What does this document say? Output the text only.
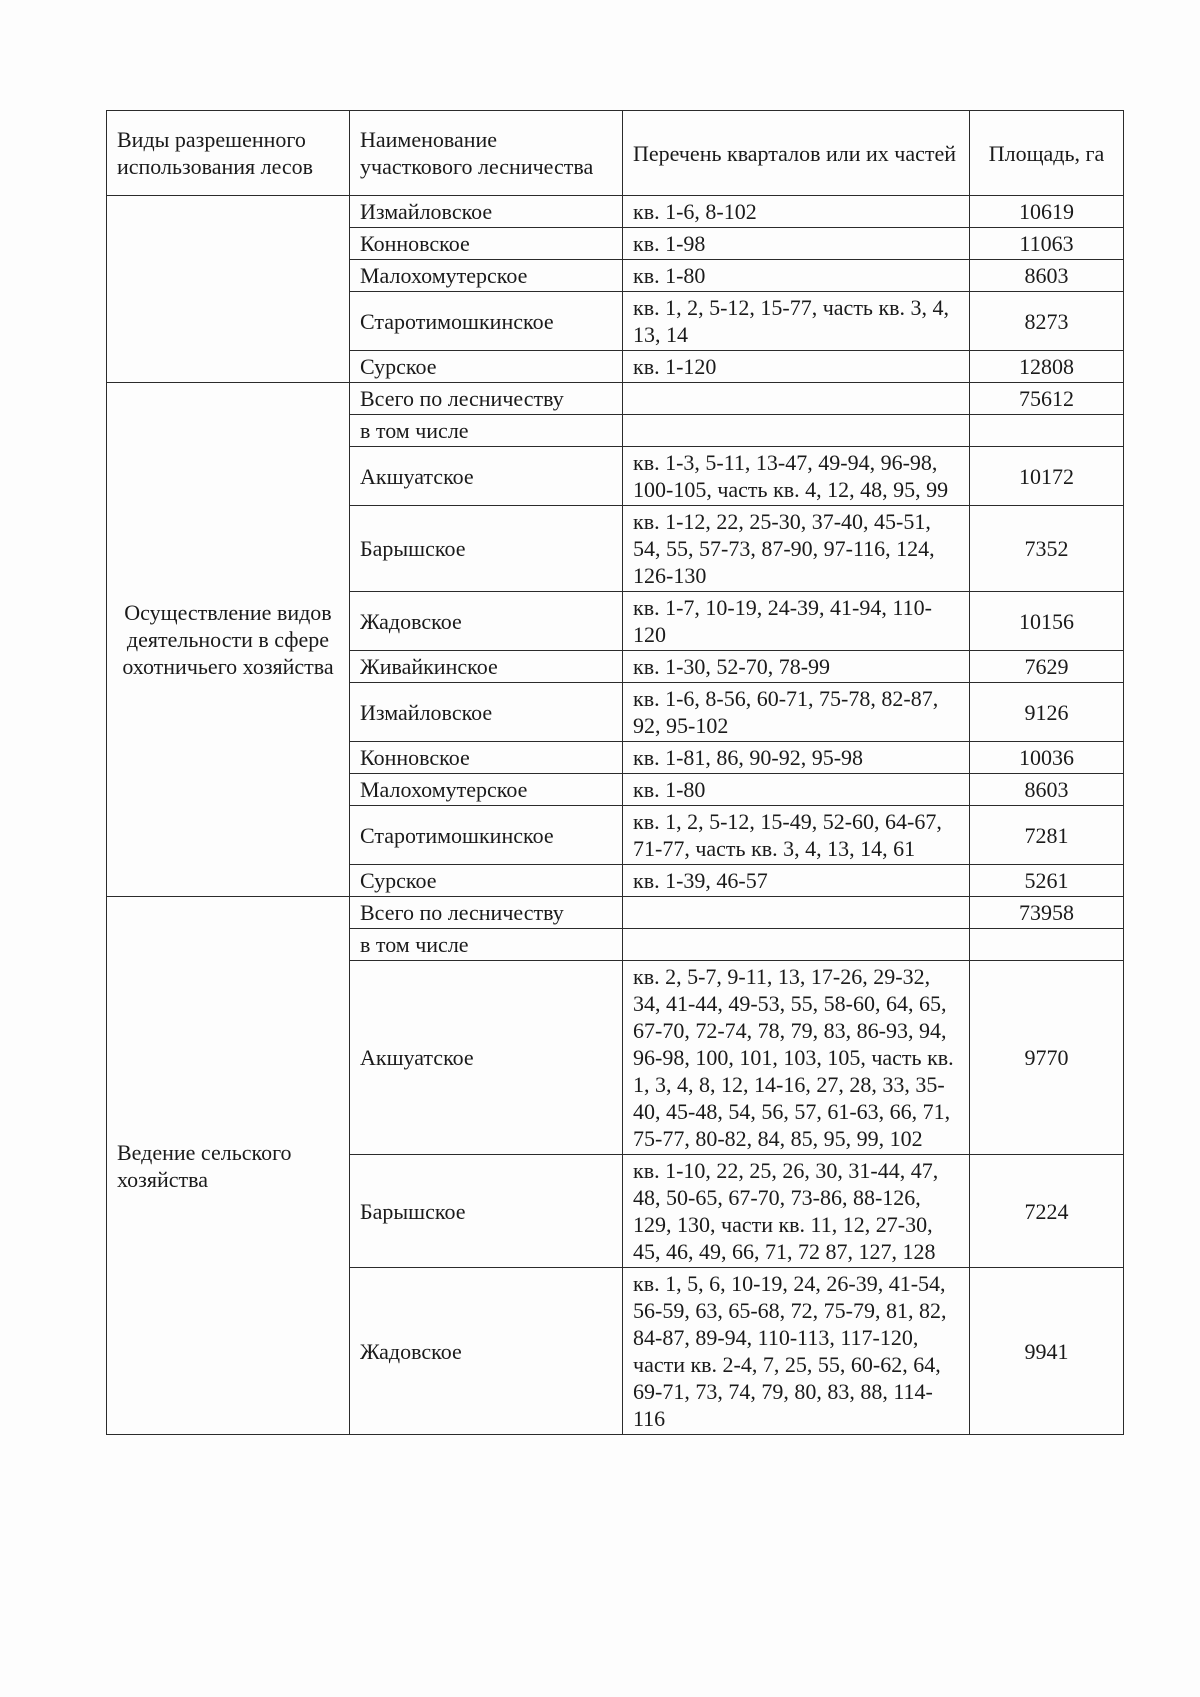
Виды разрешенного использования лесов	Наименование участкового лесничества	Перечень кварталов или их частей	Площадь, га
	Измайловское	кв. 1-6, 8-102	10619
	Конновское	кв. 1-98	11063
	Малохомутерское	кв. 1-80	8603
	Старотимошкинское	кв. 1, 2, 5-12, 15-77, часть кв. 3, 4, 13, 14	8273
	Сурское	кв. 1-120	12808
Осуществление видов деятельности в сфере охотничьего хозяйства	Всего по лесничеству		75612
	в том числе		
	Акшуатское	кв. 1-3, 5-11, 13-47, 49-94, 96-98, 100-105, часть кв. 4, 12, 48, 95, 99	10172
	Барышское	кв. 1-12, 22, 25-30, 37-40, 45-51, 54, 55, 57-73, 87-90, 97-116, 124, 126-130	7352
	Жадовское	кв. 1-7, 10-19, 24-39, 41-94, 110-120	10156
	Живайкинское	кв. 1-30, 52-70, 78-99	7629
	Измайловское	кв. 1-6, 8-56, 60-71, 75-78, 82-87, 92, 95-102	9126
	Конновское	кв. 1-81, 86, 90-92, 95-98	10036
	Малохомутерское	кв. 1-80	8603
	Старотимошкинское	кв. 1, 2, 5-12, 15-49, 52-60, 64-67, 71-77, часть кв. 3, 4, 13, 14, 61	7281
	Сурское	кв. 1-39, 46-57	5261
Ведение сельского хозяйства	Всего по лесничеству		73958
	в том числе		
	Акшуатское	кв. 2, 5-7, 9-11, 13, 17-26, 29-32, 34, 41-44, 49-53, 55, 58-60, 64, 65, 67-70, 72-74, 78, 79, 83, 86-93, 94, 96-98, 100, 101, 103, 105, часть кв. 1, 3, 4, 8, 12, 14-16, 27, 28, 33, 35-40, 45-48, 54, 56, 57, 61-63, 66, 71, 75-77, 80-82, 84, 85, 95, 99, 102	9770
	Барышское	кв. 1-10, 22, 25, 26, 30, 31-44, 47, 48, 50-65, 67-70, 73-86, 88-126, 129, 130, части кв. 11, 12, 27-30, 45, 46, 49, 66, 71, 72 87, 127, 128	7224
	Жадовское	кв. 1, 5, 6, 10-19, 24, 26-39, 41-54, 56-59, 63, 65-68, 72, 75-79, 81, 82, 84-87, 89-94, 110-113, 117-120, части кв. 2-4, 7, 25, 55, 60-62, 64, 69-71, 73, 74, 79, 80, 83, 88, 114-116	9941
